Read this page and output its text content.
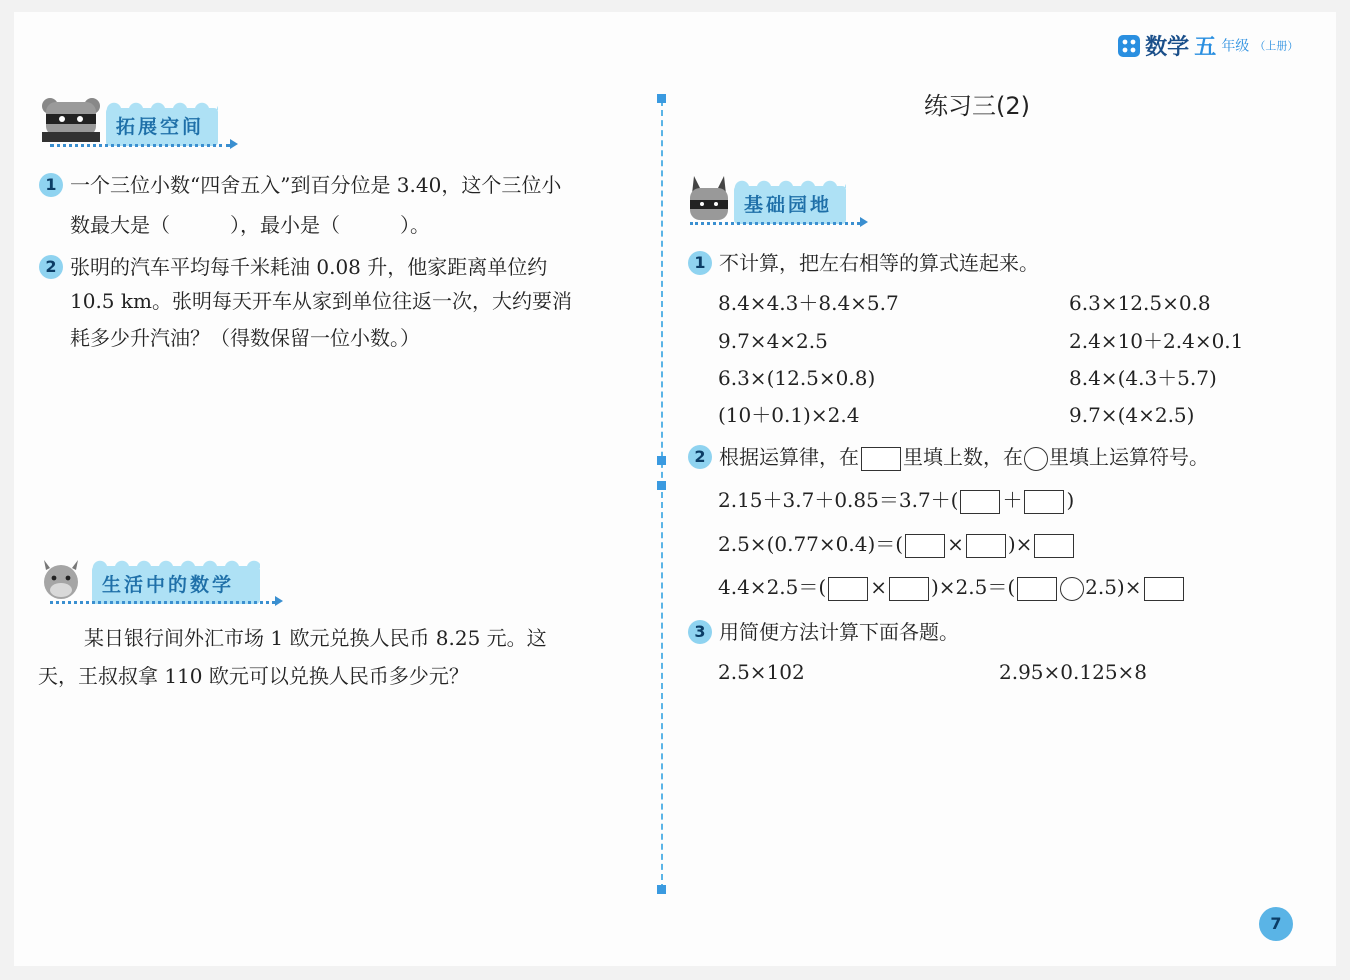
数学 五 年级 （上册）
拓展空间
1 一个三位小数“四舍五入”到百分位是 3.40，这个三位小
数最大是（　　　），最小是（　　　）。
2 张明的汽车平均每千米耗油 0.08 升，他家距离单位约
10.5 km。张明每天开车从家到单位往返一次，大约要消
耗多少升汽油？（得数保留一位小数。）
生活中的数学
某日银行间外汇市场 1 欧元兑换人民币 8.25 元。这
天，王叔叔拿 110 欧元可以兑换人民币多少元？
练习三(2)
基础园地
1 不计算，把左右相等的算式连起来。
8.4×4.3＋8.4×5.7
9.7×4×2.5
6.3×(12.5×0.8)
(10＋0.1)×2.4
6.3×12.5×0.8
2.4×10＋2.4×0.1
8.4×(4.3＋5.7)
9.7×(4×2.5)
2 根据运算律，在 里填上数，在 里填上运算符号。
2.15＋3.7＋0.85＝3.7＋( ＋ )
2.5×(0.77×0.4)＝( × )×
4.4×2.5＝( × )×2.5＝(	2.5)×
3 用简便方法计算下面各题。
2.5×102	2.95×0.125×8
7
